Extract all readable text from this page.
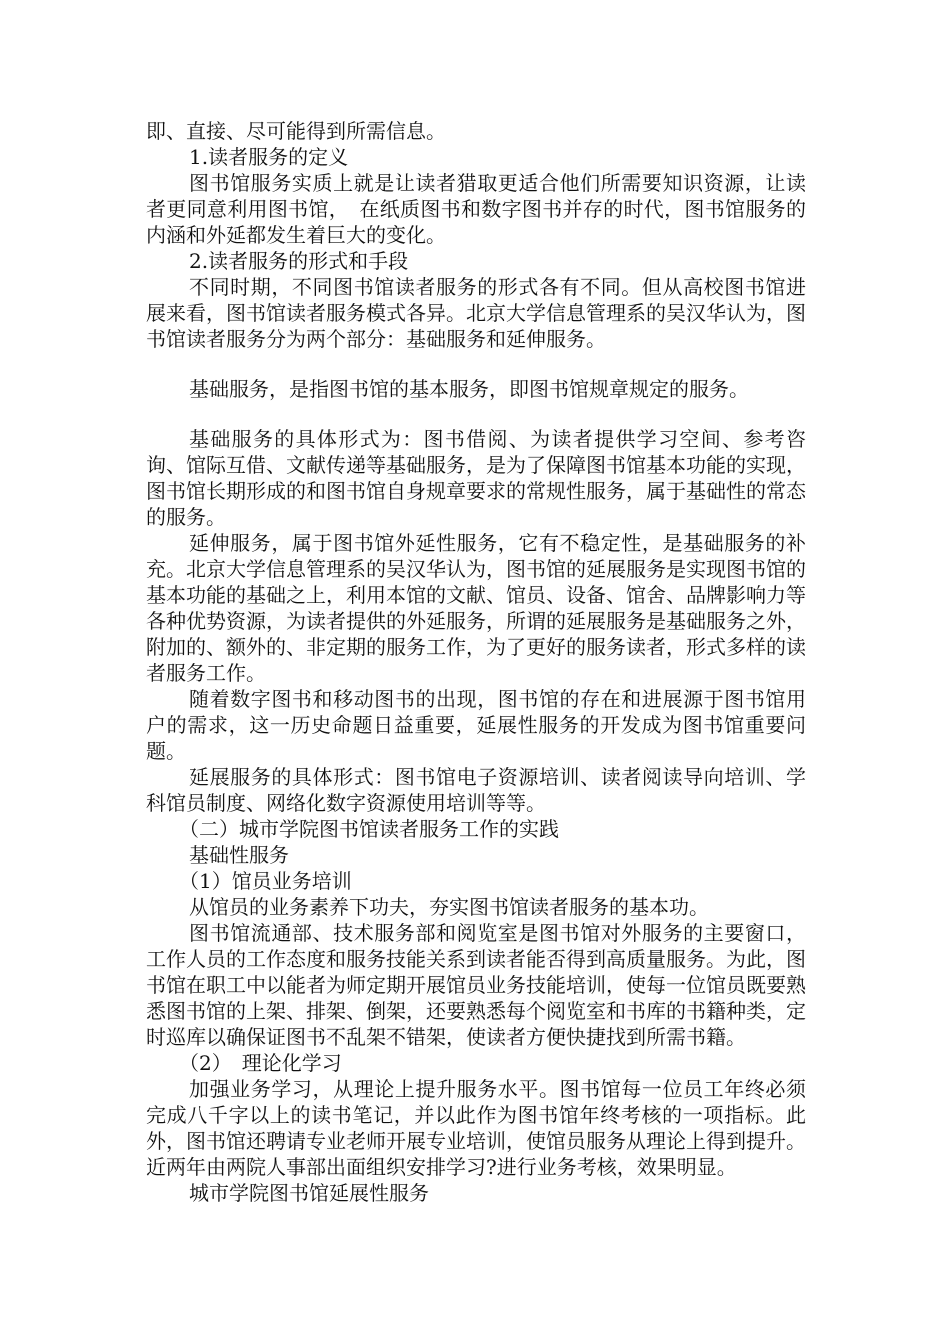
即、直接、尽可能得到所需信息。

1.读者服务的定义

图书馆服务实质上就是让读者猎取更适合他们所需要知识资源，让读者更同意利用图书馆，　在纸质图书和数字图书并存的时代，图书馆服务的内涵和外延都发生着巨大的变化。

2.读者服务的形式和手段

不同时期，不同图书馆读者服务的形式各有不同。但从高校图书馆进展来看，图书馆读者服务模式各异。北京大学信息管理系的吴汉华认为，图书馆读者服务分为两个部分：基础服务和延伸服务。

基础服务，是指图书馆的基本服务，即图书馆规章规定的服务。

基础服务的具体形式为：图书借阅、为读者提供学习空间、参考咨询、馆际互借、文献传递等基础服务，是为了保障图书馆基本功能的实现，图书馆长期形成的和图书馆自身规章要求的常规性服务，属于基础性的常态的服务。

延伸服务，属于图书馆外延性服务，它有不稳定性，是基础服务的补充。北京大学信息管理系的吴汉华认为，图书馆的延展服务是实现图书馆的基本功能的基础之上，利用本馆的文献、馆员、设备、馆舍、品牌影响力等各种优势资源，为读者提供的外延服务，所谓的延展服务是基础服务之外，附加的、额外的、非定期的服务工作，为了更好的服务读者，形式多样的读者服务工作。

随着数字图书和移动图书的出现，图书馆的存在和进展源于图书馆用户的需求，这一历史命题日益重要，延展性服务的开发成为图书馆重要问题。

延展服务的具体形式：图书馆电子资源培训、读者阅读导向培训、学科馆员制度、网络化数字资源使用培训等等。

（二）城市学院图书馆读者服务工作的实践

基础性服务

（1）馆员业务培训

从馆员的业务素养下功夫，夯实图书馆读者服务的基本功。

图书馆流通部、技术服务部和阅览室是图书馆对外服务的主要窗口，工作人员的工作态度和服务技能关系到读者能否得到高质量服务。为此，图书馆在职工中以能者为师定期开展馆员业务技能培训，使每一位馆员既要熟悉图书馆的上架、排架、倒架，还要熟悉每个阅览室和书库的书籍种类，定时巡库以确保证图书不乱架不错架，使读者方便快捷找到所需书籍。

（2）　理论化学习

加强业务学习，从理论上提升服务水平。图书馆每一位员工年终必须完成八千字以上的读书笔记，并以此作为图书馆年终考核的一项指标。此外，图书馆还聘请专业老师开展专业培训，使馆员服务从理论上得到提升。近两年由两院人事部出面组织安排学习?进行业务考核，效果明显。

城市学院图书馆延展性服务
